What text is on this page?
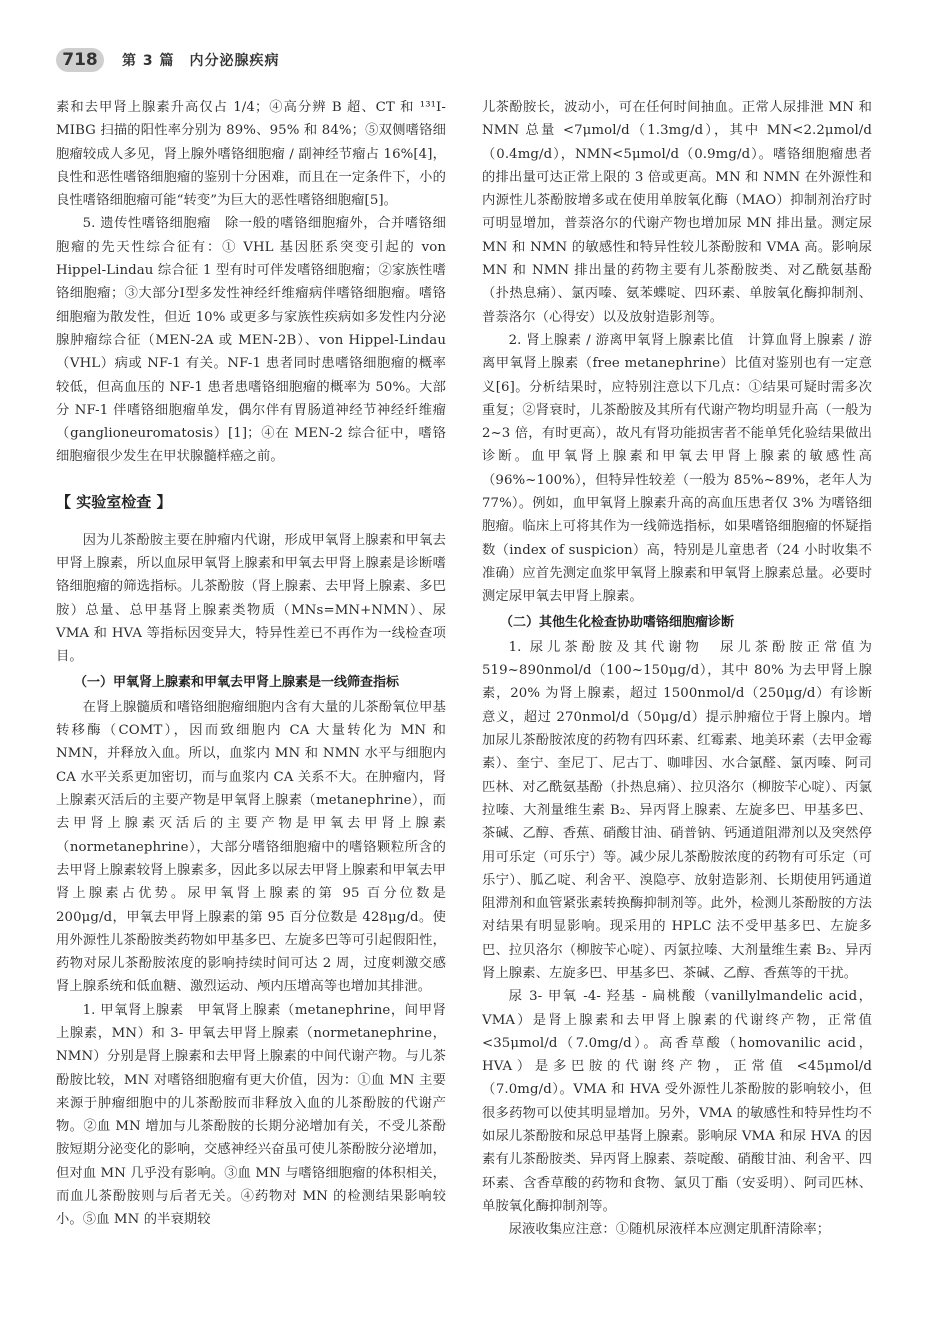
718	第 3 篇　内分泌腺疾病

素和去甲肾上腺素升高仅占 1/4；④高分辨 B 超、CT 和 ¹³¹I-MIBG 扫描的阳性率分别为 89%、95% 和 84%；⑤双侧嗜铬细胞瘤较成人多见，肾上腺外嗜铬细胞瘤 / 副神经节瘤占 16%[4]，良性和恶性嗜铬细胞瘤的鉴别十分困难，而且在一定条件下，小的良性嗜铬细胞瘤可能“转变”为巨大的恶性嗜铬细胞瘤[5]。

5. 遗传性嗜铬细胞瘤　除一般的嗜铬细胞瘤外，合并嗜铬细胞瘤的先天性综合征有：① VHL 基因胚系突变引起的 von Hippel-Lindau 综合征 1 型有时可伴发嗜铬细胞瘤；②家族性嗜铬细胞瘤；③大部分Ⅰ型多发性神经纤维瘤病伴嗜铬细胞瘤。嗜铬细胞瘤为散发性，但近 10% 或更多与家族性疾病如多发性内分泌腺肿瘤综合征（MEN-2A 或 MEN-2B）、von Hippel-Lindau（VHL）病或 NF-1 有关。NF-1 患者同时患嗜铬细胞瘤的概率较低，但高血压的 NF-1 患者患嗜铬细胞瘤的概率为 50%。大部分 NF-1 伴嗜铬细胞瘤单发，偶尔伴有胃肠道神经节神经纤维瘤（ganglioneuromatosis）[1]；④在 MEN-2 综合征中，嗜铬细胞瘤很少发生在甲状腺髓样癌之前。

【 实验室检查 】

因为儿茶酚胺主要在肿瘤内代谢，形成甲氧肾上腺素和甲氧去甲肾上腺素，所以血尿甲氧肾上腺素和甲氧去甲肾上腺素是诊断嗜铬细胞瘤的筛选指标。儿茶酚胺（肾上腺素、去甲肾上腺素、多巴胺）总量、总甲基肾上腺素类物质（MNs=MN+NMN）、尿 VMA 和 HVA 等指标因变异大，特异性差已不再作为一线检查项目。

（一）甲氧肾上腺素和甲氧去甲肾上腺素是一线筛查指标

在肾上腺髓质和嗜铬细胞瘤细胞内含有大量的儿茶酚氧位甲基转移酶（COMT），因而致细胞内 CA 大量转化为 MN 和 NMN，并释放入血。所以，血浆内 MN 和 NMN 水平与细胞内 CA 水平关系更加密切，而与血浆内 CA 关系不大。在肿瘤内，肾上腺素灭活后的主要产物是甲氧肾上腺素（metanephrine），而去甲肾上腺素灭活后的主要产物是甲氧去甲肾上腺素（normetanephrine），大部分嗜铬细胞瘤中的嗜铬颗粒所含的去甲肾上腺素较肾上腺素多，因此多以尿去甲肾上腺素和甲氧去甲肾上腺素占优势。尿甲氧肾上腺素的第 95 百分位数是 200μg/d，甲氧去甲肾上腺素的第 95 百分位数是 428μg/d。使用外源性儿茶酚胺类药物如甲基多巴、左旋多巴等可引起假阳性，药物对尿儿茶酚胺浓度的影响持续时间可达 2 周，过度刺激交感肾上腺系统和低血糖、激烈运动、颅内压增高等也增加其排泄。

1. 甲氧肾上腺素　甲氧肾上腺素（metanephrine，间甲肾上腺素，MN）和 3- 甲氧去甲肾上腺素（normetanephrine，NMN）分别是肾上腺素和去甲肾上腺素的中间代谢产物。与儿茶酚胺比较，MN 对嗜铬细胞瘤有更大价值，因为：①血 MN 主要来源于肿瘤细胞中的儿茶酚胺而非释放入血的儿茶酚胺的代谢产物。②血 MN 增加与儿茶酚胺的长期分泌增加有关，不受儿茶酚胺短期分泌变化的影响，交感神经兴奋虽可使儿茶酚胺分泌增加，但对血 MN 几乎没有影响。③血 MN 与嗜铬细胞瘤的体积相关，而血儿茶酚胺则与后者无关。④药物对 MN 的检测结果影响较小。⑤血 MN 的半衰期较

儿茶酚胺长，波动小，可在任何时间抽血。正常人尿排泄 MN 和 NMN 总量 <7μmol/d（1.3mg/d），其中 MN<2.2μmol/d（0.4mg/d），NMN<5μmol/d（0.9mg/d）。嗜铬细胞瘤患者的排出量可达正常上限的 3 倍或更高。MN 和 NMN 在外源性和内源性儿茶酚胺增多或在使用单胺氧化酶（MAO）抑制剂治疗时可明显增加，普萘洛尔的代谢产物也增加尿 MN 排出量。测定尿 MN 和 NMN 的敏感性和特异性较儿茶酚胺和 VMA 高。影响尿 MN 和 NMN 排出量的药物主要有儿茶酚胺类、对乙酰氨基酚（扑热息痛）、氯丙嗪、氨苯蝶啶、四环素、单胺氧化酶抑制剂、普萘洛尔（心得安）以及放射造影剂等。

2. 肾上腺素 / 游离甲氧肾上腺素比值　计算血肾上腺素 / 游离甲氧肾上腺素（free metanephrine）比值对鉴别也有一定意义[6]。分析结果时，应特别注意以下几点：①结果可疑时需多次重复；②肾衰时，儿茶酚胺及其所有代谢产物均明显升高（一般为 2~3 倍，有时更高），故凡有肾功能损害者不能单凭化验结果做出诊断。血甲氧肾上腺素和甲氧去甲肾上腺素的敏感性高（96%~100%），但特异性较差（一般为 85%~89%，老年人为 77%）。例如，血甲氧肾上腺素升高的高血压患者仅 3% 为嗜铬细胞瘤。临床上可将其作为一线筛选指标，如果嗜铬细胞瘤的怀疑指数（index of suspicion）高，特别是儿童患者（24 小时收集不准确）应首先测定血浆甲氧肾上腺素和甲氧肾上腺素总量。必要时测定尿甲氧去甲肾上腺素。

（二）其他生化检查协助嗜铬细胞瘤诊断

1. 尿儿茶酚胺及其代谢物　尿儿茶酚胺正常值为 519~890nmol/d（100~150μg/d），其中 80% 为去甲肾上腺素，20% 为肾上腺素，超过 1500nmol/d（250μg/d）有诊断意义，超过 270nmol/d（50μg/d）提示肿瘤位于肾上腺内。增加尿儿茶酚胺浓度的药物有四环素、红霉素、地美环素（去甲金霉素）、奎宁、奎尼丁、尼古丁、咖啡因、水合氯醛、氯丙嗪、阿司匹林、对乙酰氨基酚（扑热息痛）、拉贝洛尔（柳胺苄心啶）、丙氯拉嗪、大剂量维生素 B₂、异丙肾上腺素、左旋多巴、甲基多巴、茶碱、乙醇、香蕉、硝酸甘油、硝普钠、钙通道阻滞剂以及突然停用可乐定（可乐宁）等。减少尿儿茶酚胺浓度的药物有可乐定（可乐宁）、胍乙啶、利舍平、溴隐亭、放射造影剂、长期使用钙通道阻滞剂和血管紧张素转换酶抑制剂等。此外，检测儿茶酚胺的方法对结果有明显影响。现采用的 HPLC 法不受甲基多巴、左旋多巴、拉贝洛尔（柳胺苄心啶）、丙氯拉嗪、大剂量维生素 B₂、异丙肾上腺素、左旋多巴、甲基多巴、茶碱、乙醇、香蕉等的干扰。

尿 3- 甲氧 -4- 羟基 - 扁桃酸（vanillylmandelic acid，VMA）是肾上腺素和去甲肾上腺素的代谢终产物，正常值 <35μmol/d（7.0mg/d）。高香草酸（homovanilic acid，HVA）是多巴胺的代谢终产物，正常值 <45μmol/d（7.0mg/d）。VMA 和 HVA 受外源性儿茶酚胺的影响较小，但很多药物可以使其明显增加。另外，VMA 的敏感性和特异性均不如尿儿茶酚胺和尿总甲基肾上腺素。影响尿 VMA 和尿 HVA 的因素有儿茶酚胺类、异丙肾上腺素、萘啶酸、硝酸甘油、利舍平、四环素、含香草酸的药物和食物、氯贝丁酯（安妥明）、阿司匹林、单胺氧化酶抑制剂等。

尿液收集应注意：①随机尿液样本应测定肌酐清除率；
